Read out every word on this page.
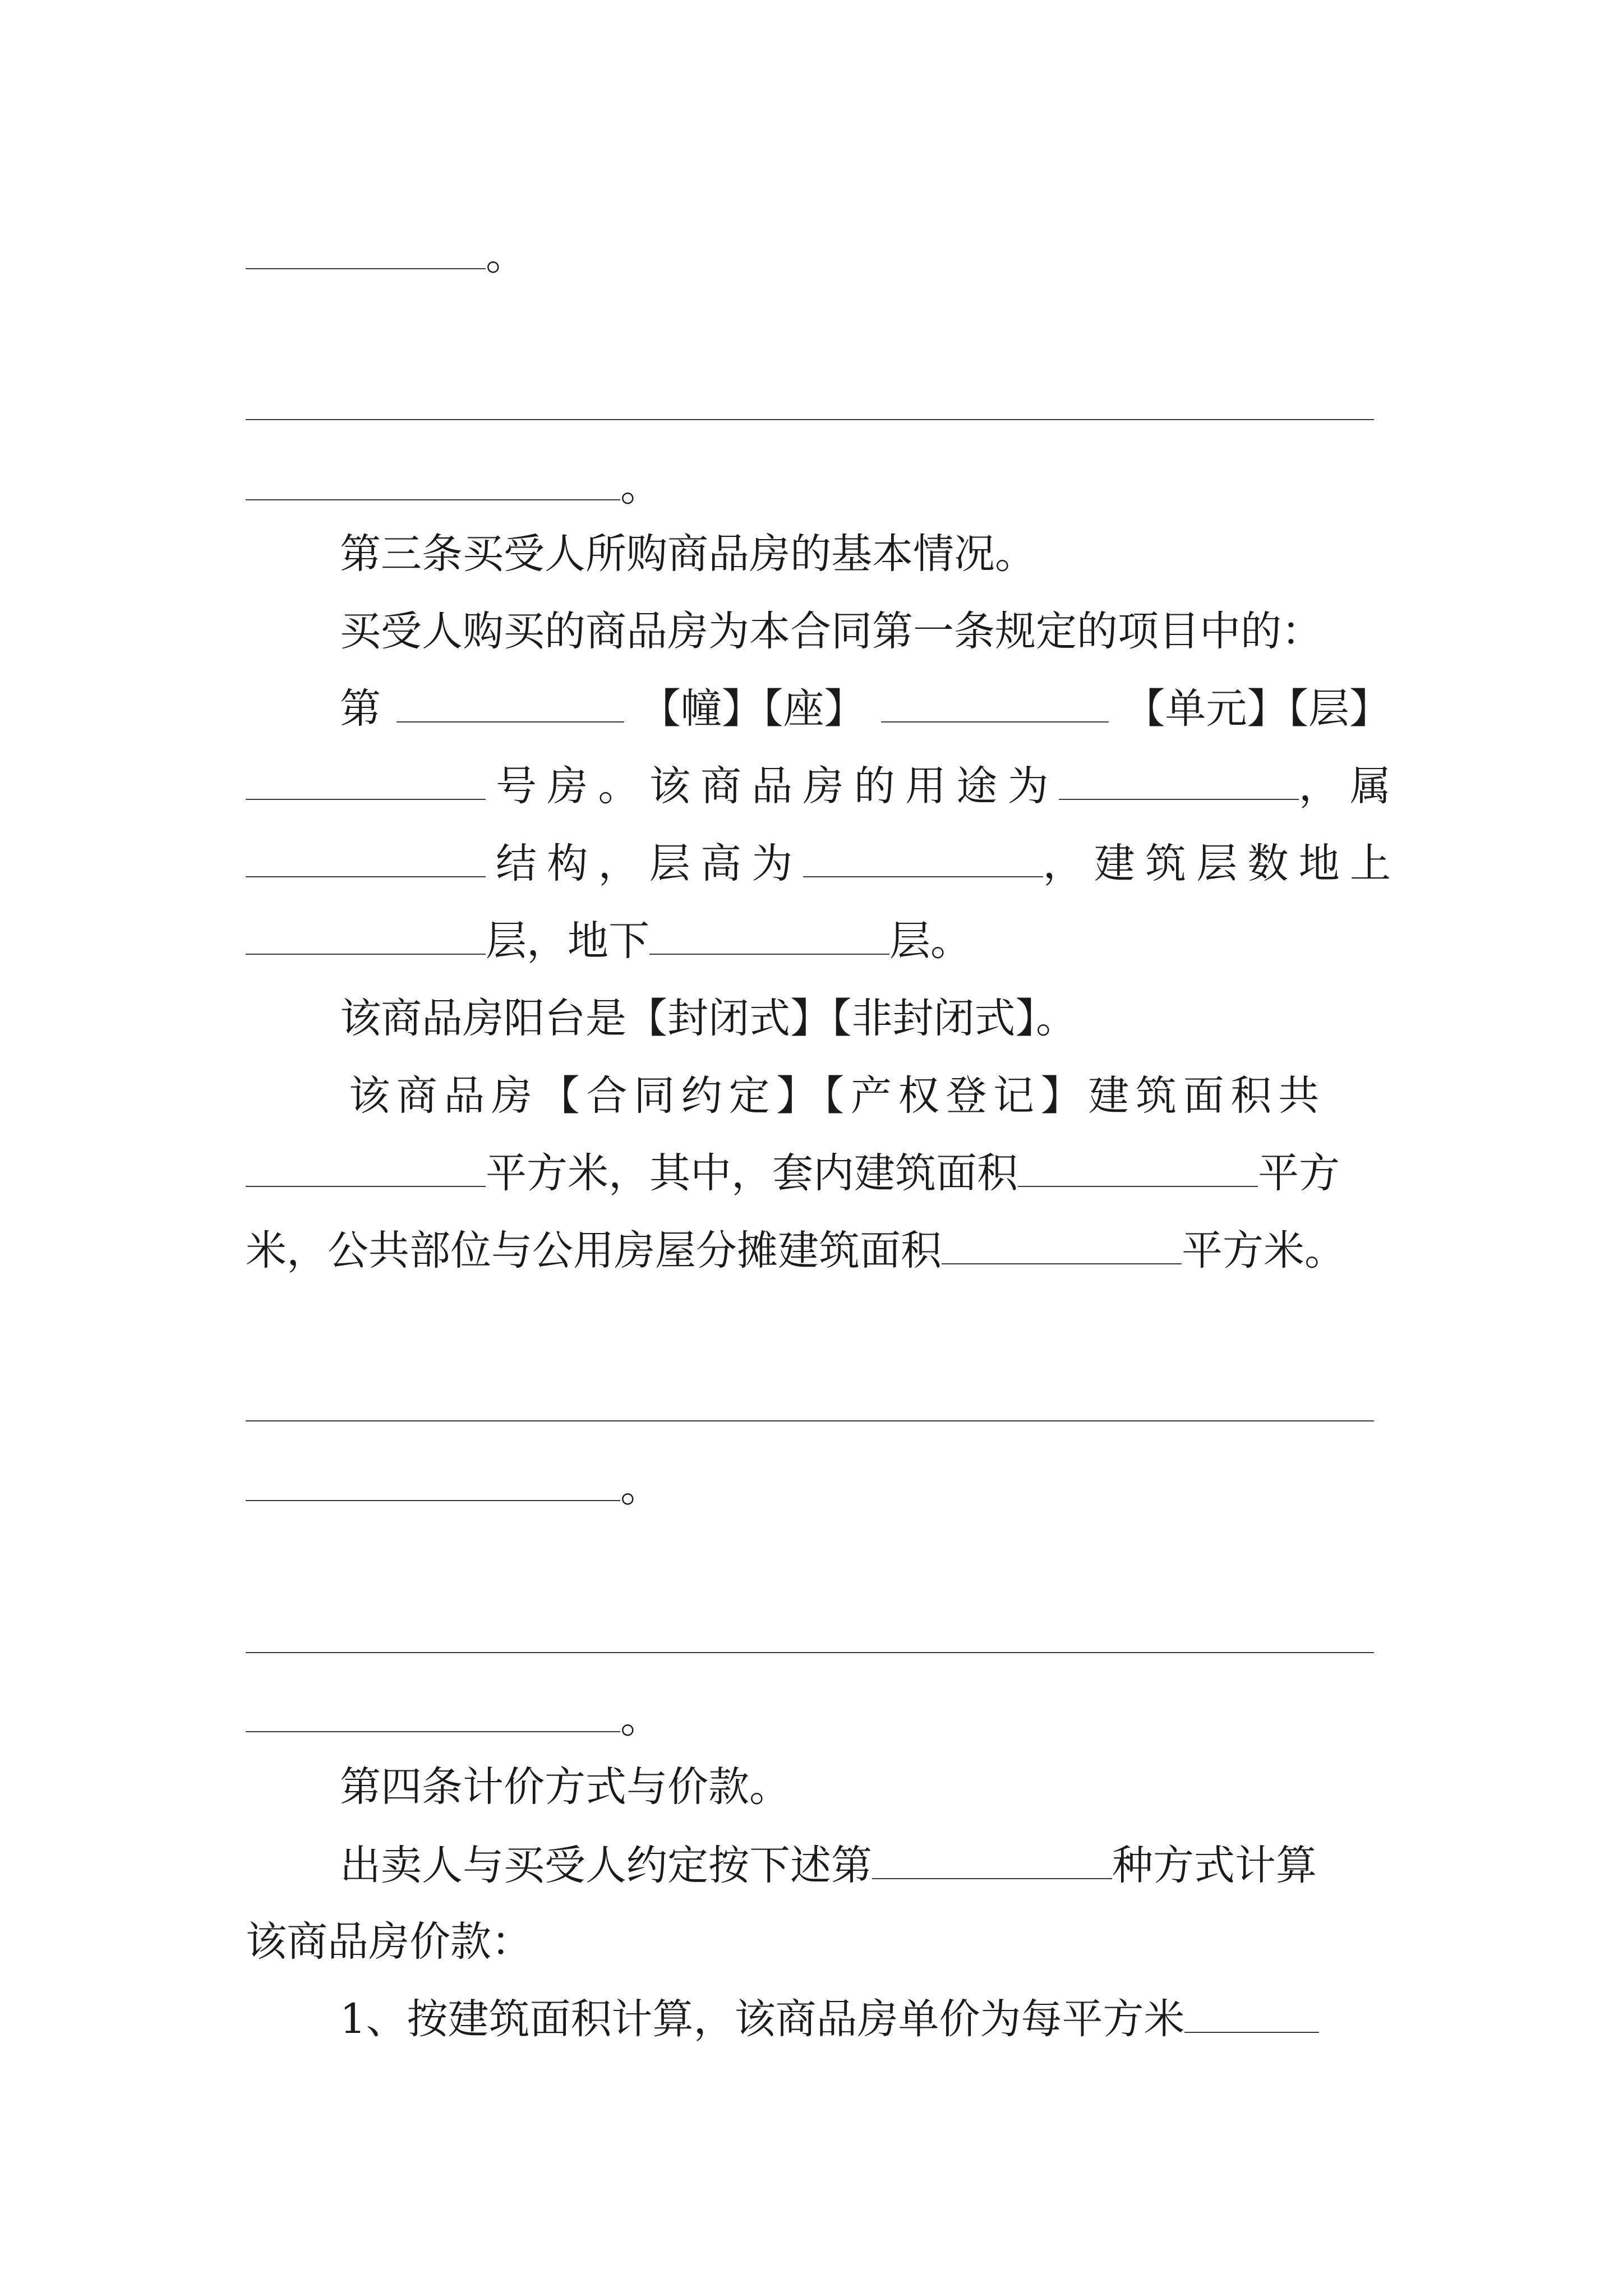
。
。
第三条买受人所购商品房的基本情况。
买受人购买的商品房为本合同第一条规定的项目中的：
第	【幢】【座】	【单元】【层】
号房。该商品房的用途为	，属
结构，层高为	，建筑层数地上
层，地下	层。
该商品房阳台是【封闭式】【非封闭式】。
该商品房【合同约定】【产权登记】建筑面积共
平方米，其中，套内建筑面积	平方
米，公共部位与公用房屋分摊建筑面积	平方米。
。
。
第四条计价方式与价款。
出卖人与买受人约定按下述第	种方式计算
该商品房价款：
1、按建筑面积计算，该商品房单价为每平方米
